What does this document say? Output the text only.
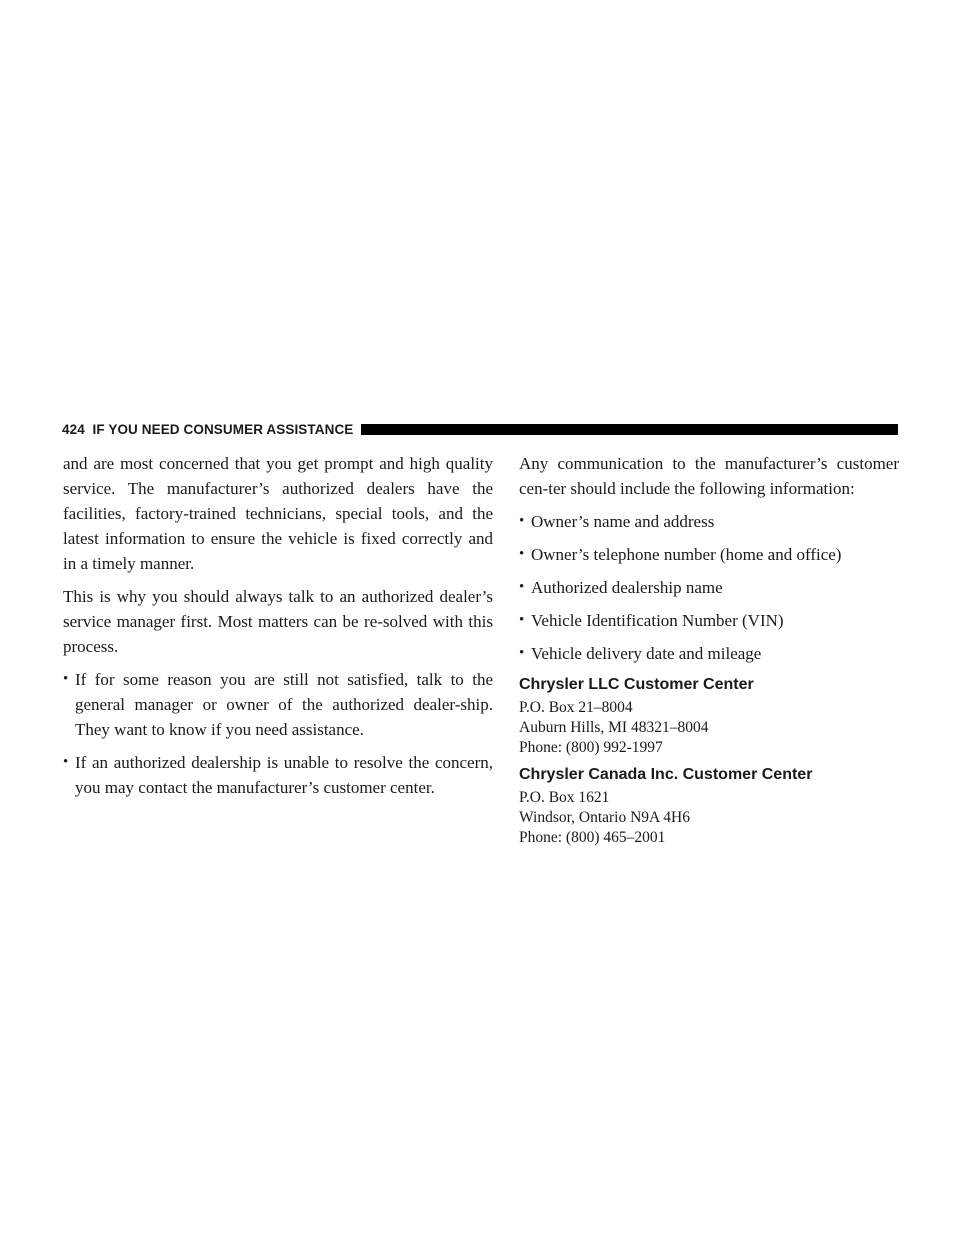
424 IF YOU NEED CONSUMER ASSISTANCE

and are most concerned that you get prompt and high quality service. The manufacturer’s authorized dealers have the facilities, factory-trained technicians, special tools, and the latest information to ensure the vehicle is fixed correctly and in a timely manner.

This is why you should always talk to an authorized dealer’s service manager first. Most matters can be re-solved with this process.

• If for some reason you are still not satisfied, talk to the general manager or owner of the authorized dealer-ship. They want to know if you need assistance.
• If an authorized dealership is unable to resolve the concern, you may contact the manufacturer’s customer center.

Any communication to the manufacturer’s customer cen-ter should include the following information:

• Owner’s name and address
• Owner’s telephone number (home and office)
• Authorized dealership name
• Vehicle Identification Number (VIN)
• Vehicle delivery date and mileage
Chrysler LLC Customer Center
P.O. Box 21–8004
Auburn Hills, MI 48321–8004
Phone: (800) 992-1997
Chrysler Canada Inc. Customer Center
P.O. Box 1621
Windsor, Ontario N9A 4H6
Phone: (800) 465–2001
